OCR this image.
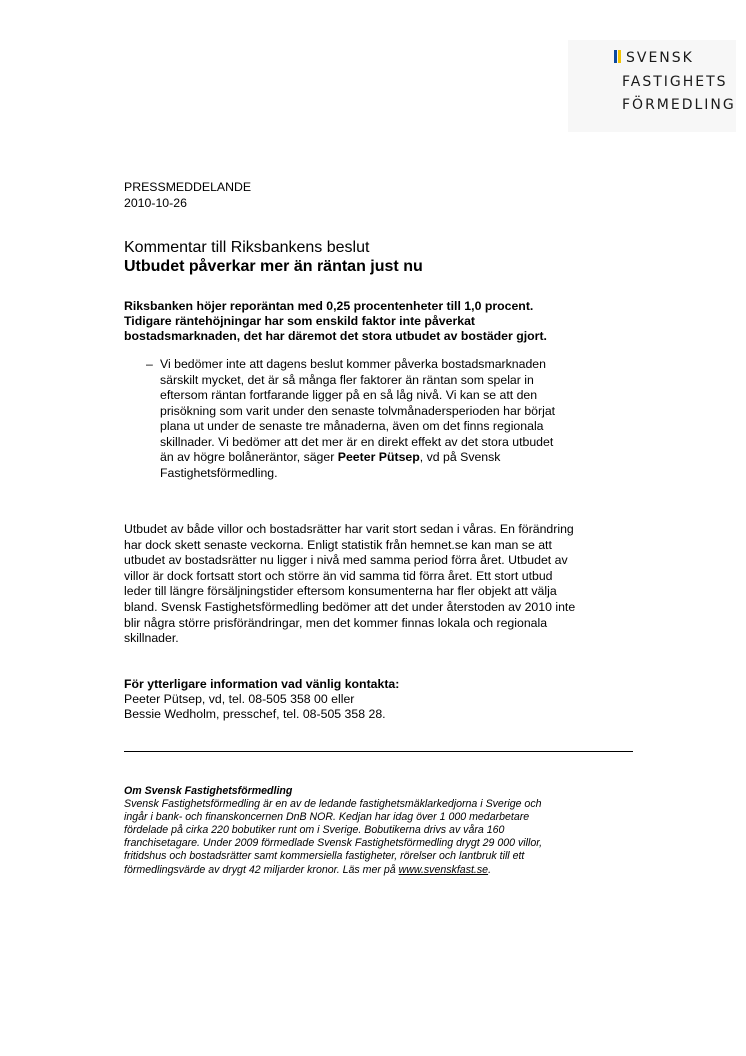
SVENSK
FASTIGHETS
FÖRMEDLING
PRESSMEDDELANDE
2010-10-26
Kommentar till Riksbankens beslut
Utbudet påverkar mer än räntan just nu
Riksbanken höjer reporäntan med 0,25 procentenheter till 1,0 procent.
Tidigare räntehöjningar har som enskild faktor inte påverkat
bostadsmarknaden, det har däremot det stora utbudet av bostäder gjort.
– Vi bedömer inte att dagens beslut kommer påverka bostadsmarknaden
särskilt mycket, det är så många fler faktorer än räntan som spelar in
eftersom räntan fortfarande ligger på en så låg nivå. Vi kan se att den
prisökning som varit under den senaste tolvmånadersperioden har börjat
plana ut under de senaste tre månaderna, även om det finns regionala
skillnader. Vi bedömer att det mer är en direkt effekt av det stora utbudet
än av högre bolåneräntor, säger Peeter Pütsep, vd på Svensk
Fastighetsförmedling.
Utbudet av både villor och bostadsrätter har varit stort sedan i våras. En förändring
har dock skett senaste veckorna. Enligt statistik från hemnet.se kan man se att
utbudet av bostadsrätter nu ligger i nivå med samma period förra året. Utbudet av
villor är dock fortsatt stort och större än vid samma tid förra året. Ett stort utbud
leder till längre försäljningstider eftersom konsumenterna har fler objekt att välja
bland. Svensk Fastighetsförmedling bedömer att det under återstoden av 2010 inte
blir några större prisförändringar, men det kommer finnas lokala och regionala
skillnader.
För ytterligare information vad vänlig kontakta:
Peeter Pütsep, vd, tel. 08-505 358 00 eller
Bessie Wedholm, presschef, tel. 08-505 358 28.
Om Svensk Fastighetsförmedling
Svensk Fastighetsförmedling är en av de ledande fastighetsmäklarkedjorna i Sverige och
ingår i bank- och finanskoncernen DnB NOR. Kedjan har idag över 1 000 medarbetare
fördelade på cirka 220 bobutiker runt om i Sverige. Bobutikerna drivs av våra 160
franchisetagare. Under 2009 förmedlade Svensk Fastighetsförmedling drygt 29 000 villor,
fritidshus och bostadsrätter samt kommersiella fastigheter, rörelser och lantbruk till ett
förmedlingsvärde av drygt 42 miljarder kronor. Läs mer på www.svenskfast.se.
